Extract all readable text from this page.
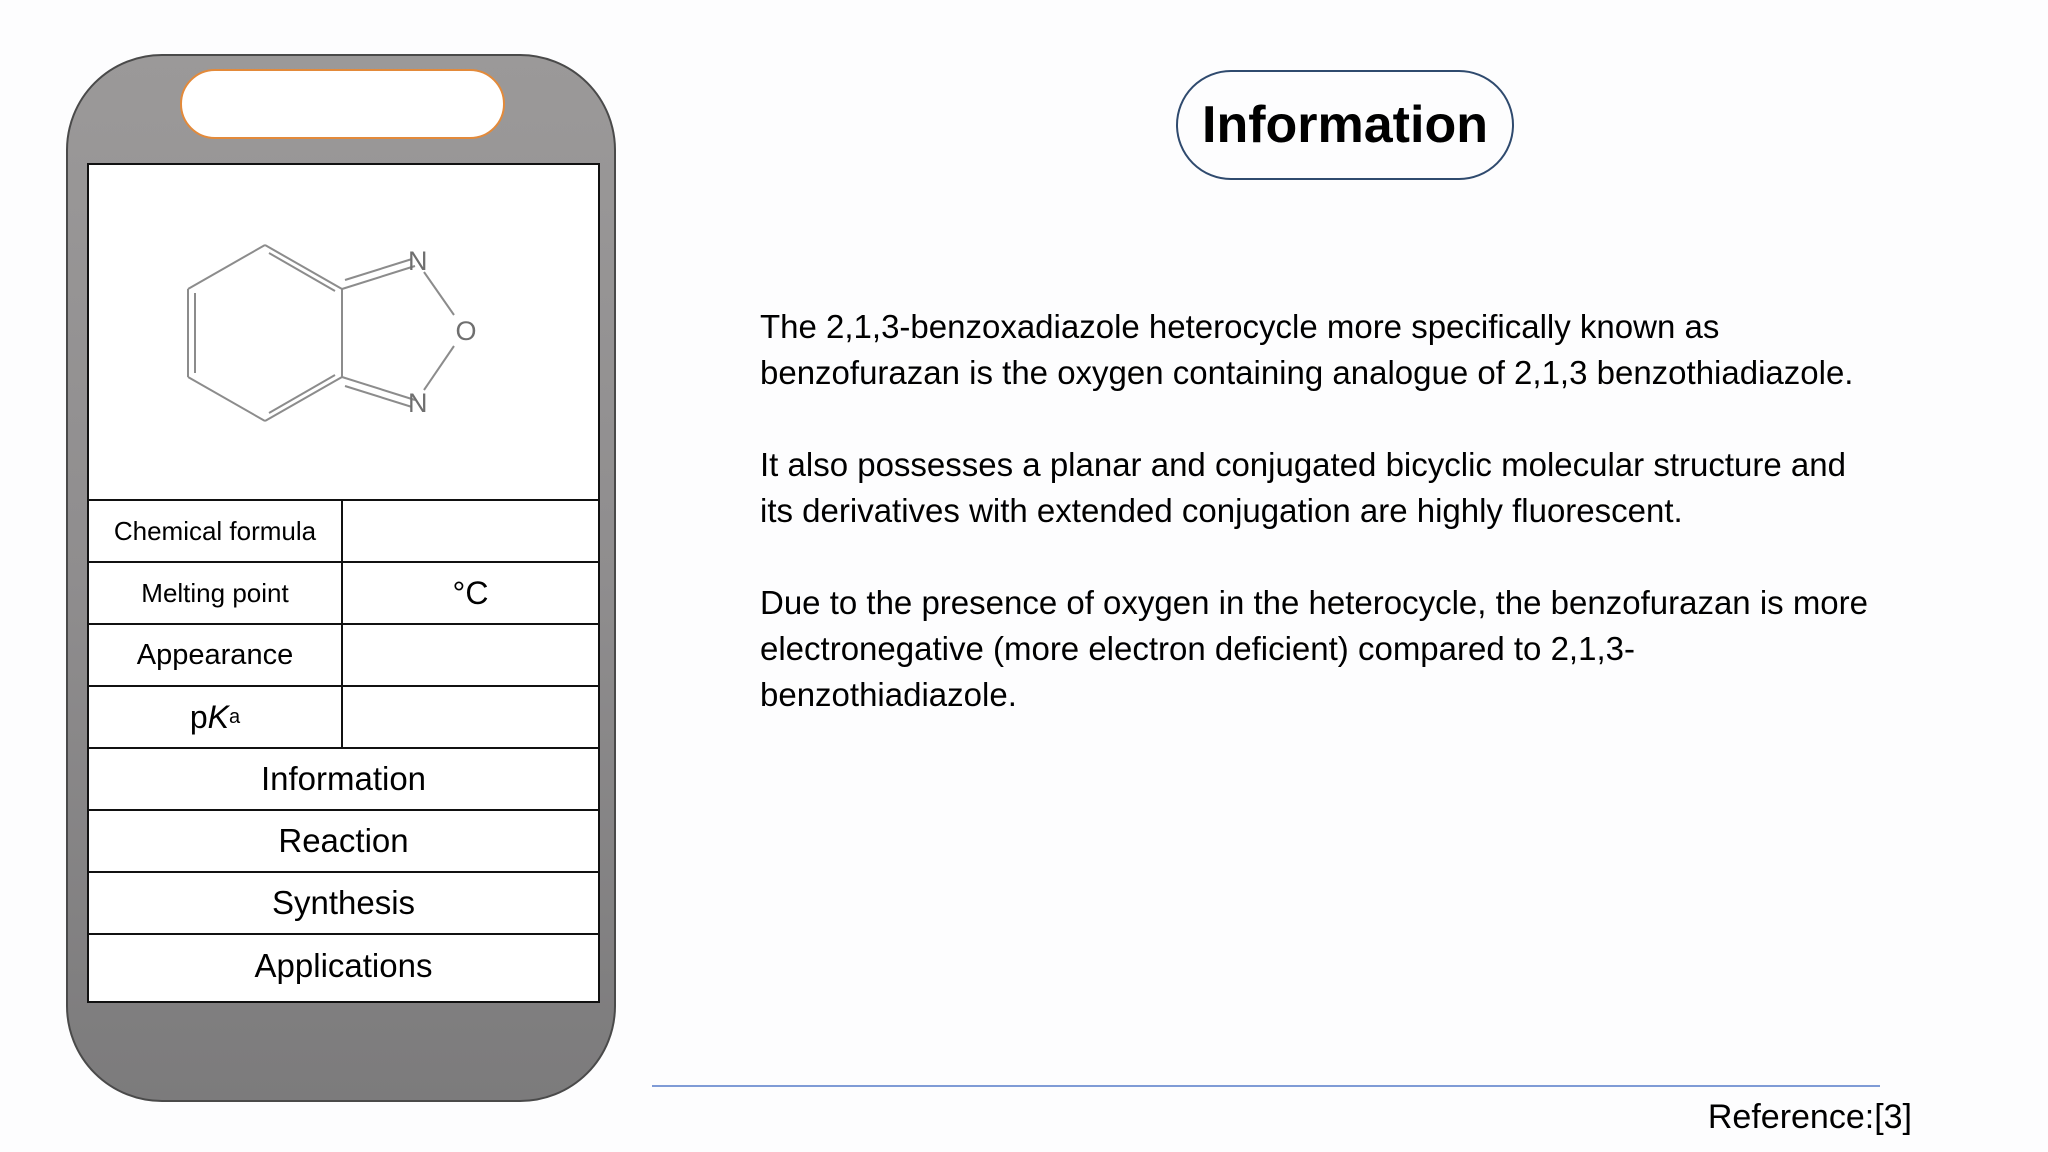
N
O
N
Chemical formula
Melting point	°C
Appearance
p K a
Information
Reaction
Synthesis
Applications
Information

The 2,1,3-benzoxadiazole heterocycle more specifically known as
benzofurazan is the oxygen containing analogue of 2,1,3 benzothiadiazole.

It also possesses a planar and conjugated bicyclic molecular structure and
its derivatives with extended conjugation are highly fluorescent.

Due to the presence of oxygen in the heterocycle, the benzofurazan is more
electronegative (more electron deficient) compared to 2,1,3-
benzothiadiazole.

Reference:[3]
